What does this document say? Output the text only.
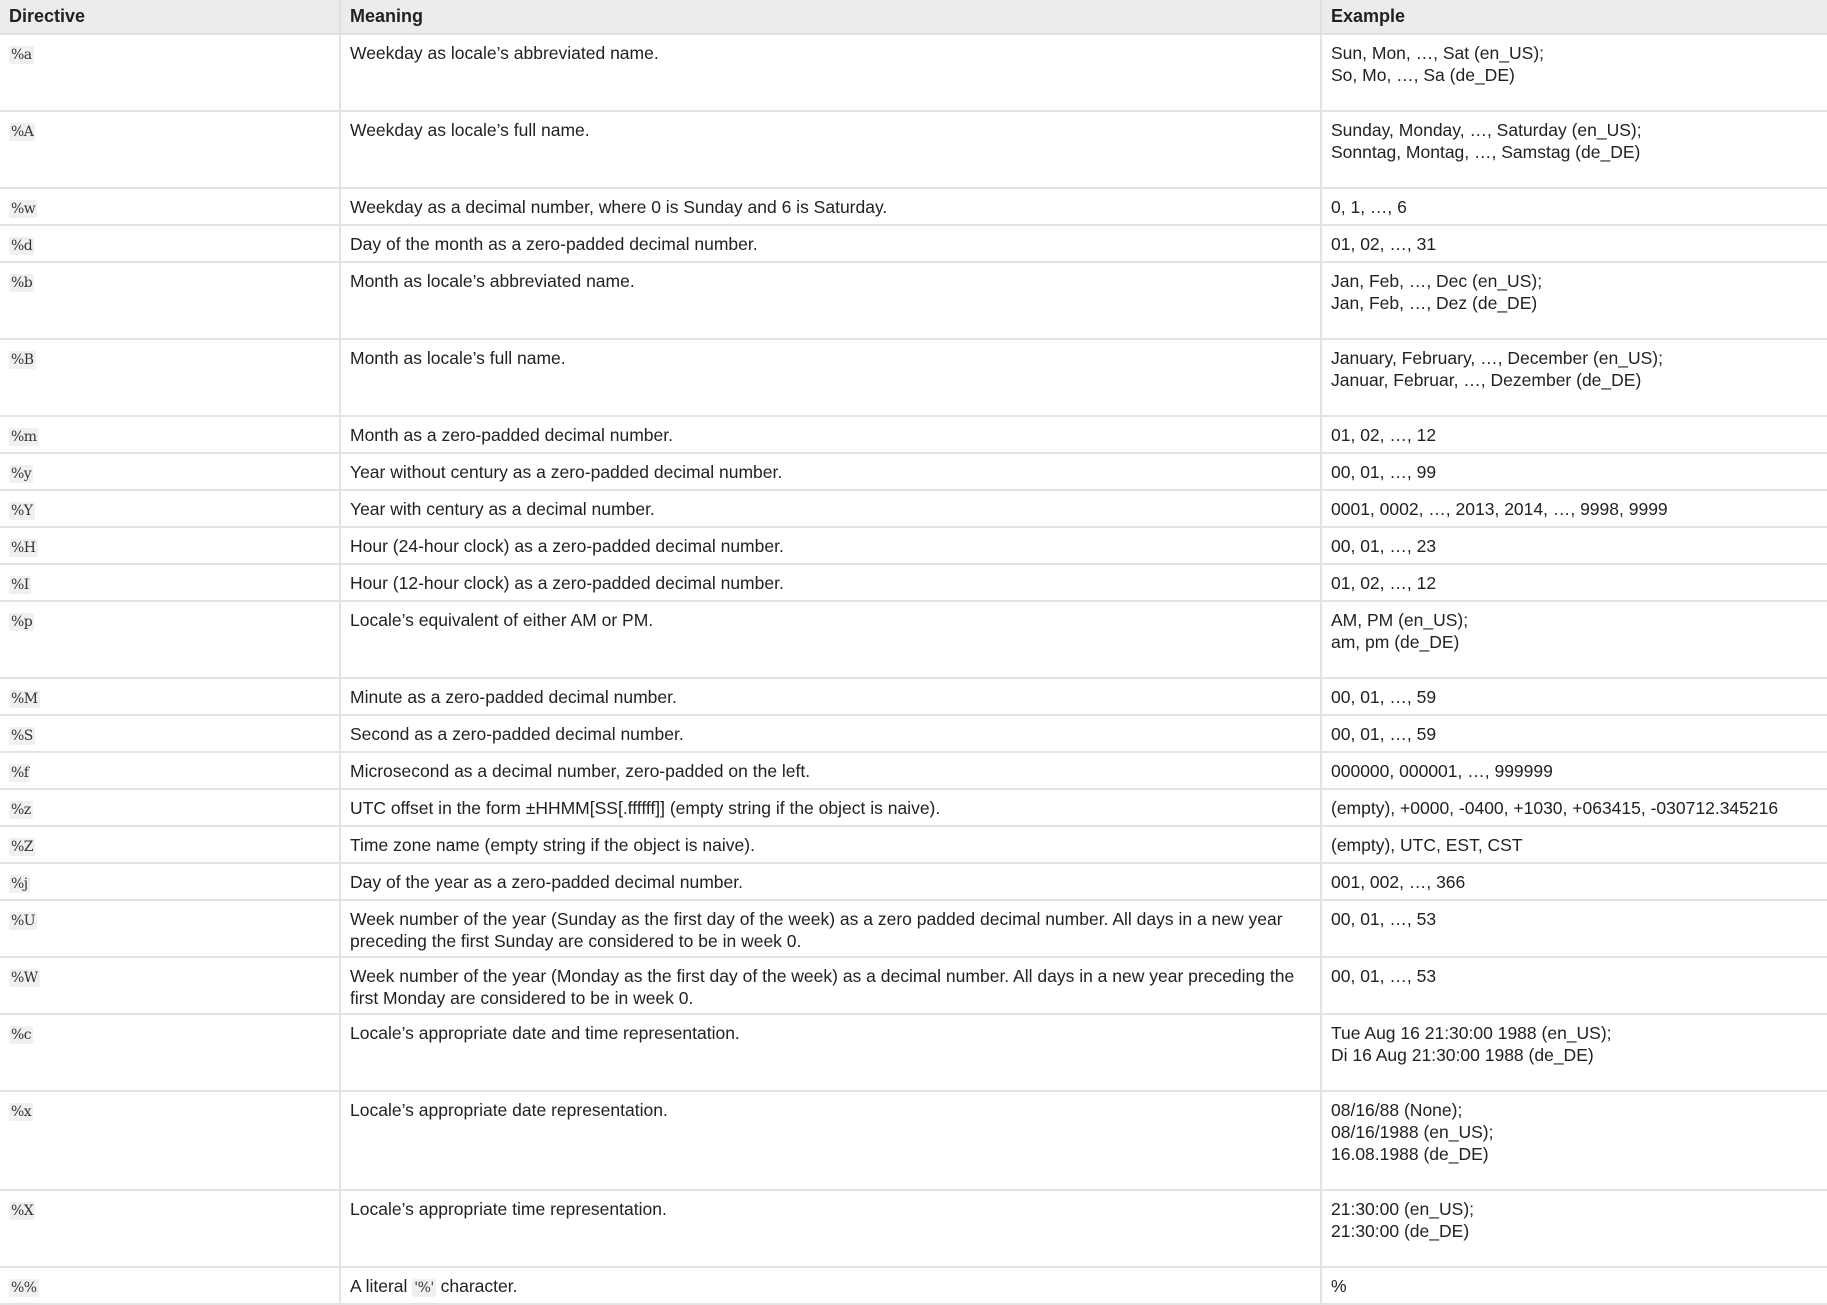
Directive	Meaning	Example
%a	Weekday as locale’s abbreviated name.	Sun, Mon, …, Sat (en_US);
So, Mo, …, Sa (de_DE)

%A	Weekday as locale’s full name.	Sunday, Monday, …, Saturday (en_US);
Sonntag, Montag, …, Samstag (de_DE)

%w	Weekday as a decimal number, where 0 is Sunday and 6 is Saturday.	0, 1, …, 6

%d	Day of the month as a zero-padded decimal number.	01, 02, …, 31

%b	Month as locale’s abbreviated name.	Jan, Feb, …, Dec (en_US);
Jan, Feb, …, Dez (de_DE)

%B	Month as locale’s full name.	January, February, …, December (en_US);
Januar, Februar, …, Dezember (de_DE)

%m	Month as a zero-padded decimal number.	01, 02, …, 12

%y	Year without century as a zero-padded decimal number.	00, 01, …, 99

%Y	Year with century as a decimal number.	0001, 0002, …, 2013, 2014, …, 9998, 9999

%H	Hour (24-hour clock) as a zero-padded decimal number.	00, 01, …, 23

%I	Hour (12-hour clock) as a zero-padded decimal number.	01, 02, …, 12

%p	Locale’s equivalent of either AM or PM.	AM, PM (en_US);
am, pm (de_DE)

%M	Minute as a zero-padded decimal number.	00, 01, …, 59

%S	Second as a zero-padded decimal number.	00, 01, …, 59

%f	Microsecond as a decimal number, zero-padded on the left.	000000, 000001, …, 999999

%z	UTC offset in the form ±HHMM[SS[.ffffff]] (empty string if the object is naive).	(empty), +0000, -0400, +1030, +063415, -030712.345216

%Z	Time zone name (empty string if the object is naive).	(empty), UTC, EST, CST

%j	Day of the year as a zero-padded decimal number.	001, 002, …, 366

%U	Week number of the year (Sunday as the first day of the week) as a zero padded decimal number. All days in a new year preceding the first Sunday are considered to be in week 0.	00, 01, …, 53

%W	Week number of the year (Monday as the first day of the week) as a decimal number. All days in a new year preceding the first Monday are considered to be in week 0.	00, 01, …, 53

%c	Locale’s appropriate date and time representation.	Tue Aug 16 21:30:00 1988 (en_US);
Di 16 Aug 21:30:00 1988 (de_DE)

%x	Locale’s appropriate date representation.	08/16/88 (None);
08/16/1988 (en_US);
16.08.1988 (de_DE)

%X	Locale’s appropriate time representation.	21:30:00 (en_US);
21:30:00 (de_DE)

%%	A literal '%' character.	%
